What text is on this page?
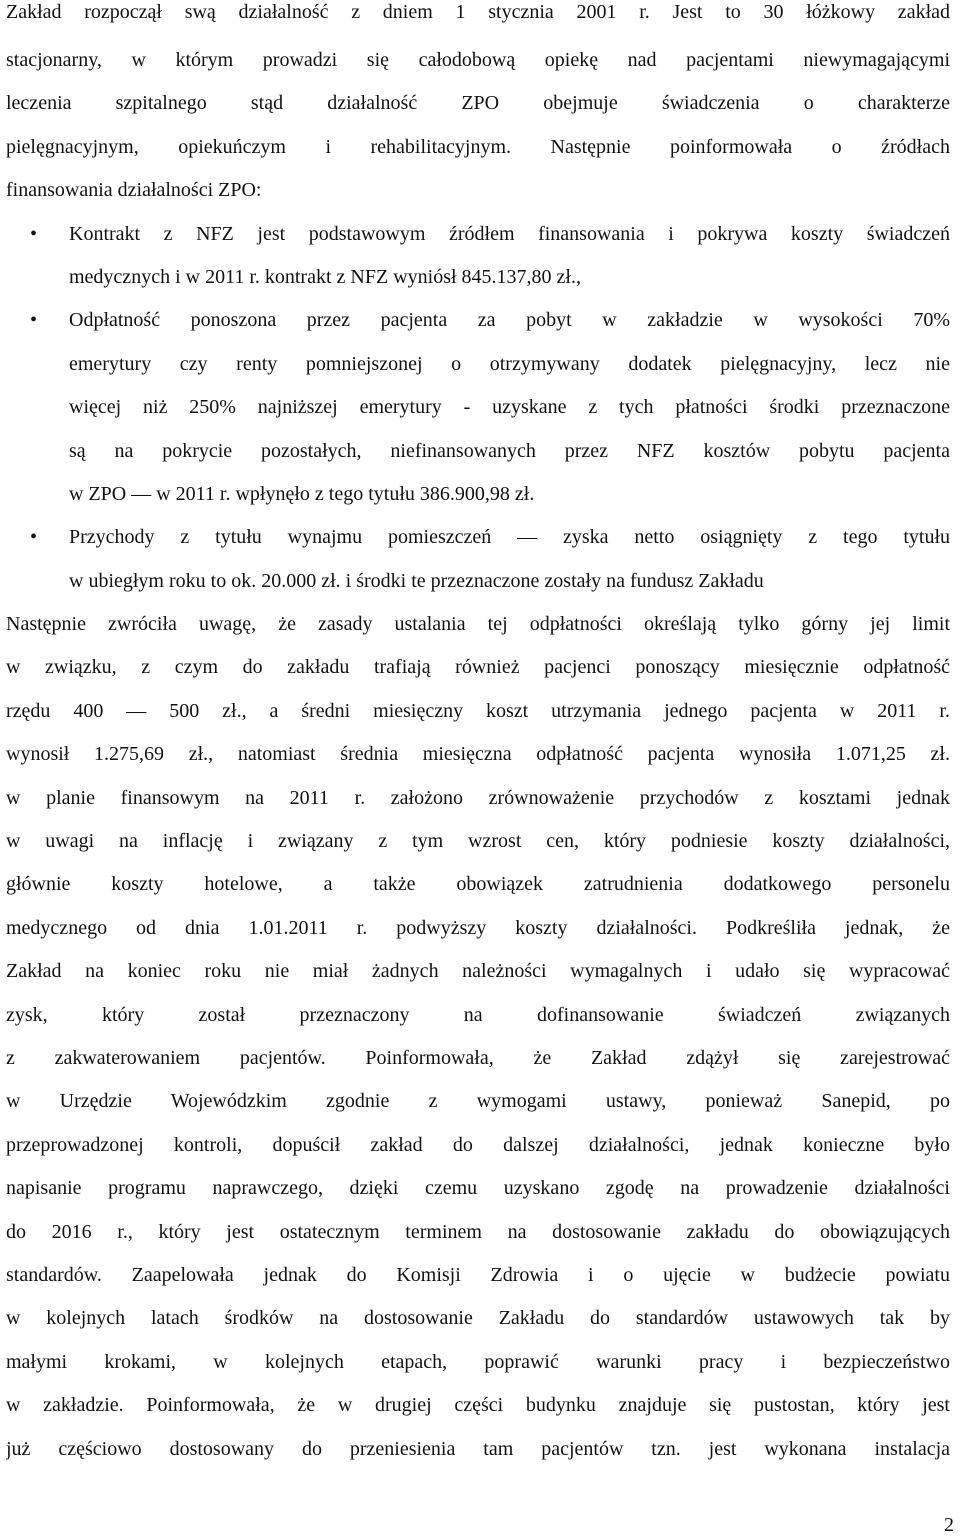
Zakład rozpoczął swą działalność z dniem 1 stycznia 2001 r. Jest to 30 łóżkowy zakład
stacjonarny, w którym prowadzi się całodobową opiekę nad pacjentami niewymagającymi
leczenia szpitalnego stąd działalność ZPO obejmuje świadczenia o charakterze
pielęgnacyjnym, opiekuńczym i rehabilitacyjnym. Następnie poinformowała o źródłach
finansowania działalności ZPO:
• Kontrakt z NFZ jest podstawowym źródłem finansowania i pokrywa koszty świadczeń
medycznych i w 2011 r. kontrakt z NFZ wyniósł 845.137,80 zł.,
• Odpłatność ponoszona przez pacjenta za pobyt w zakładzie w wysokości 70%
emerytury czy renty pomniejszonej o otrzymywany dodatek pielęgnacyjny, lecz nie
więcej niż 250% najniższej emerytury - uzyskane z tych płatności środki przeznaczone
są na pokrycie pozostałych, niefinansowanych przez NFZ kosztów pobytu pacjenta
w ZPO — w 2011 r. wpłynęło z tego tytułu 386.900,98 zł.
• Przychody z tytułu wynajmu pomieszczeń — zyska netto osiągnięty z tego tytułu
w ubiegłym roku to ok. 20.000 zł. i środki te przeznaczone zostały na fundusz Zakładu
Następnie zwróciła uwagę, że zasady ustalania tej odpłatności określają tylko górny jej limit
w związku, z czym do zakładu trafiają również pacjenci ponoszący miesięcznie odpłatność
rzędu 400 — 500 zł., a średni miesięczny koszt utrzymania jednego pacjenta w 2011 r.
wynosił 1.275,69 zł., natomiast średnia miesięczna odpłatność pacjenta wynosiła 1.071,25 zł.
w planie finansowym na 2011 r. założono zrównoważenie przychodów z kosztami jednak
w uwagi na inflację i związany z tym wzrost cen, który podniesie koszty działalności,
głównie koszty hotelowe, a także obowiązek zatrudnienia dodatkowego personelu
medycznego od dnia 1.01.2011 r. podwyższy koszty działalności. Podkreśliła jednak, że
Zakład na koniec roku nie miał żadnych należności wymagalnych i udało się wypracować
zysk, który został przeznaczony na dofinansowanie świadczeń związanych
z zakwaterowaniem pacjentów. Poinformowała, że Zakład zdążył się zarejestrować
w Urzędzie Wojewódzkim zgodnie z wymogami ustawy, ponieważ Sanepid, po
przeprowadzonej kontroli, dopuścił zakład do dalszej działalności, jednak konieczne było
napisanie programu naprawczego, dzięki czemu uzyskano zgodę na prowadzenie działalności
do 2016 r., który jest ostatecznym terminem na dostosowanie zakładu do obowiązujących
standardów. Zaapelowała jednak do Komisji Zdrowia i o ujęcie w budżecie powiatu
w kolejnych latach środków na dostosowanie Zakładu do standardów ustawowych tak by
małymi krokami, w kolejnych etapach, poprawić warunki pracy i bezpieczeństwo
w zakładzie. Poinformowała, że w drugiej części budynku znajduje się pustostan, który jest
już częściowo dostosowany do przeniesienia tam pacjentów tzn. jest wykonana instalacja
2
